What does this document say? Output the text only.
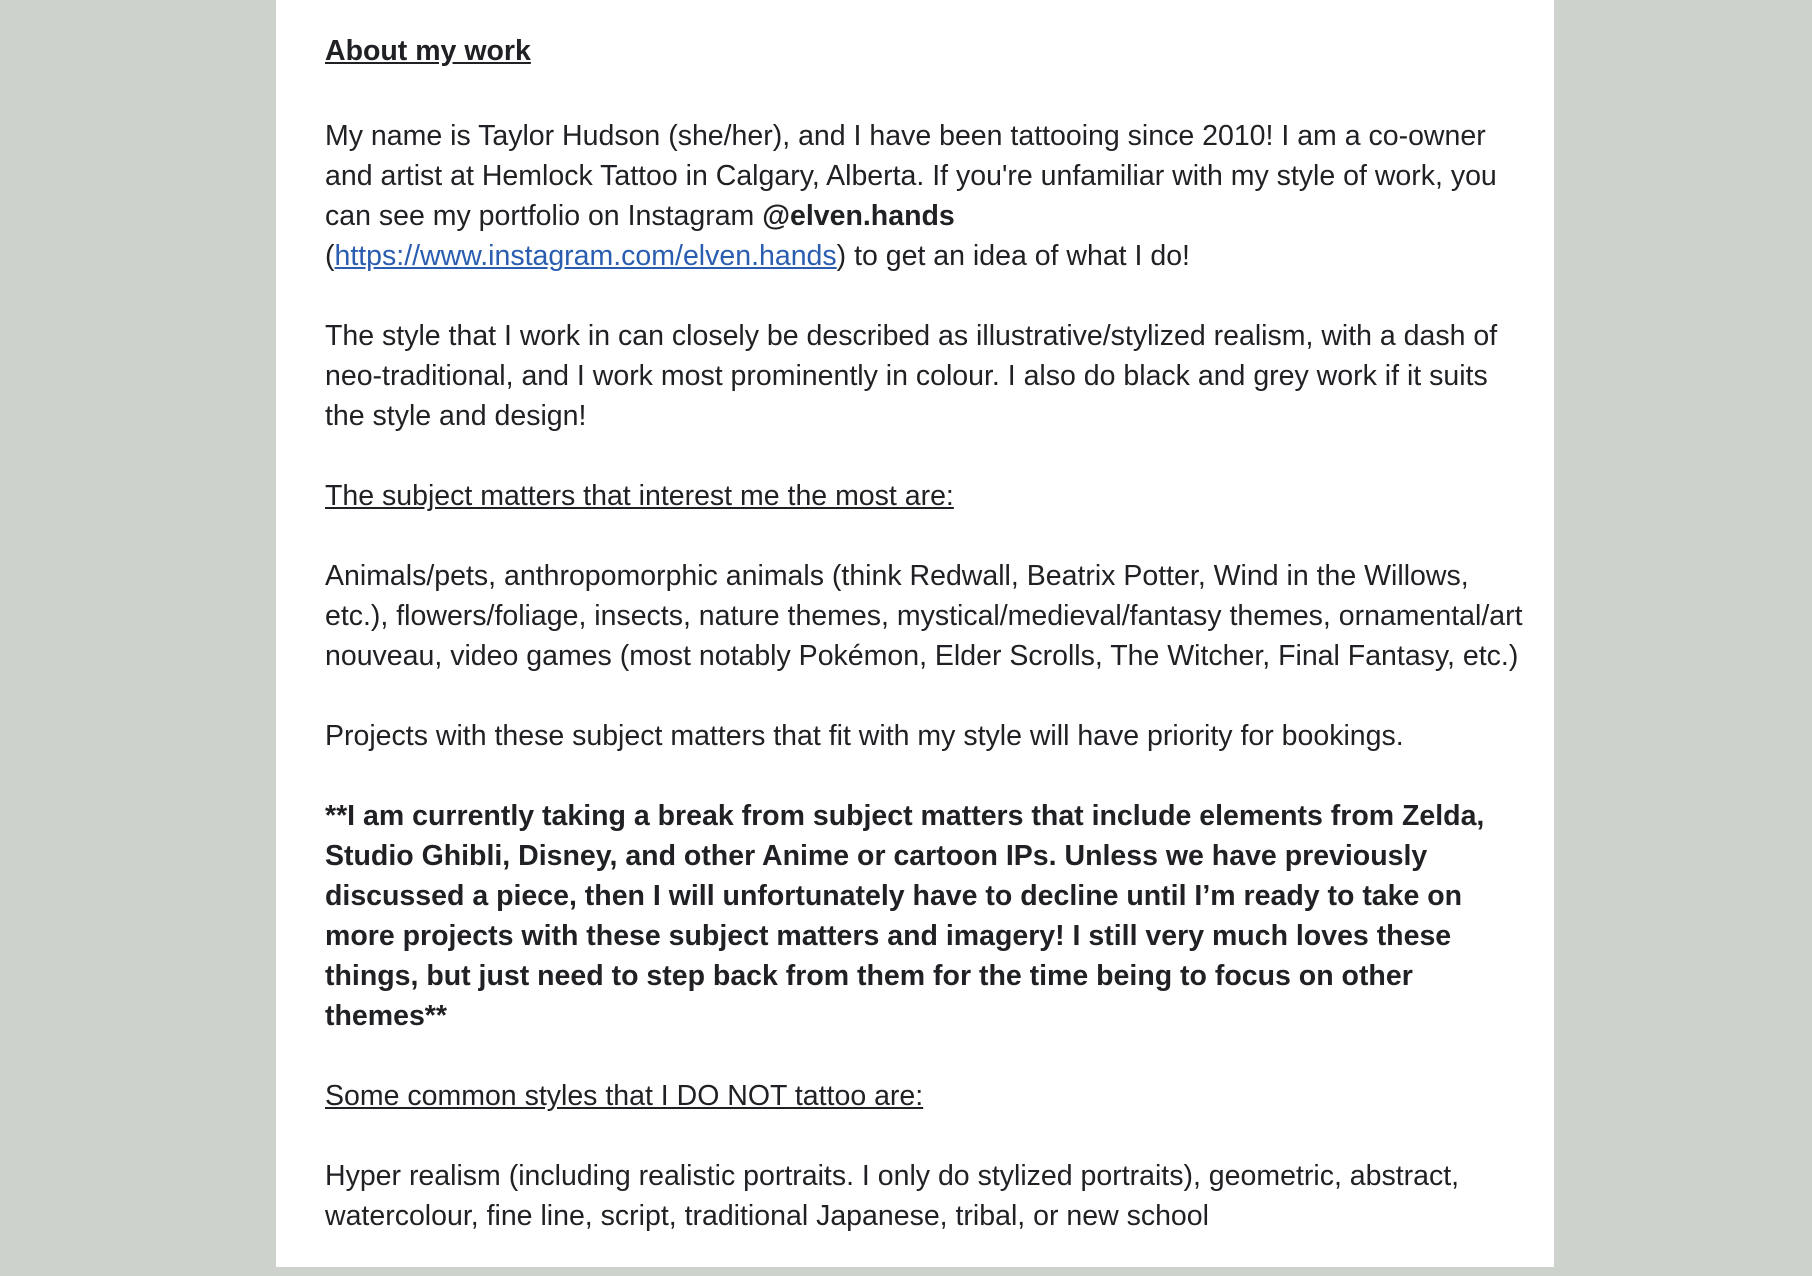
About my work

My name is Taylor Hudson (she/her), and I have been tattooing since 2010! I am a co-owner and artist at Hemlock Tattoo in Calgary, Alberta. If you're unfamiliar with my style of work, you can see my portfolio on Instagram @elven.hands
(https://www.instagram.com/elven.hands) to get an idea of what I do!

The style that I work in can closely be described as illustrative/stylized realism, with a dash of neo-traditional, and I work most prominently in colour. I also do black and grey work if it suits the style and design!

The subject matters that interest me the most are:

Animals/pets, anthropomorphic animals (think Redwall, Beatrix Potter, Wind in the Willows, etc.), flowers/foliage, insects, nature themes, mystical/medieval/fantasy themes, ornamental/art nouveau, video games (most notably Pokémon, Elder Scrolls, The Witcher, Final Fantasy, etc.)

Projects with these subject matters that fit with my style will have priority for bookings.

**I am currently taking a break from subject matters that include elements from Zelda, Studio Ghibli, Disney, and other Anime or cartoon IPs. Unless we have previously discussed a piece, then I will unfortunately have to decline until I’m ready to take on more projects with these subject matters and imagery! I still very much loves these things, but just need to step back from them for the time being to focus on other themes**

Some common styles that I DO NOT tattoo are:

Hyper realism (including realistic portraits. I only do stylized portraits), geometric, abstract, watercolour, fine line, script, traditional Japanese, tribal, or new school
